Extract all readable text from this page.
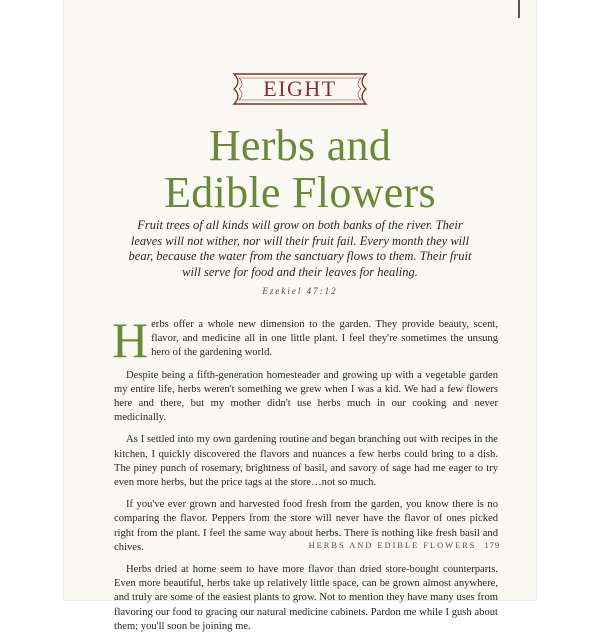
EIGHT
Herbs and
Edible Flowers
Fruit trees of all kinds will grow on both banks of the river. Their leaves will not wither, nor will their fruit fail. Every month they will bear, because the water from the sanctuary flows to them. Their fruit will serve for food and their leaves for healing.
Ezekiel 47:12

Herbs offer a whole new dimension to the garden. They provide beauty, scent, flavor, and medicine all in one little plant. I feel they're sometimes the unsung hero of the gardening world.

Despite being a fifth-generation homesteader and growing up with a vegetable garden my entire life, herbs weren't something we grew when I was a kid. We had a few flowers here and there, but my mother didn't use herbs much in our cooking and never medicinally.

As I settled into my own gardening routine and began branching out with recipes in the kitchen, I quickly discovered the flavors and nuances a few herbs could bring to a dish. The piney punch of rosemary, brightness of basil, and savory of sage had me eager to try even more herbs, but the price tags at the store…not so much.

If you've ever grown and harvested food fresh from the garden, you know there is no comparing the flavor. Peppers from the store will never have the flavor of ones picked right from the plant. I feel the same way about herbs. There is nothing like fresh basil and chives.

Herbs dried at home seem to have more flavor than dried store-bought counterparts. Even more beautiful, herbs take up relatively little space, can be grown almost anywhere, and truly are some of the easiest plants to grow. Not to mention they have many uses from flavoring our food to gracing our natural medicine cabinets. Pardon me while I gush about them; you'll soon be joining me.

HERBS AND EDIBLE FLOWERS 179
